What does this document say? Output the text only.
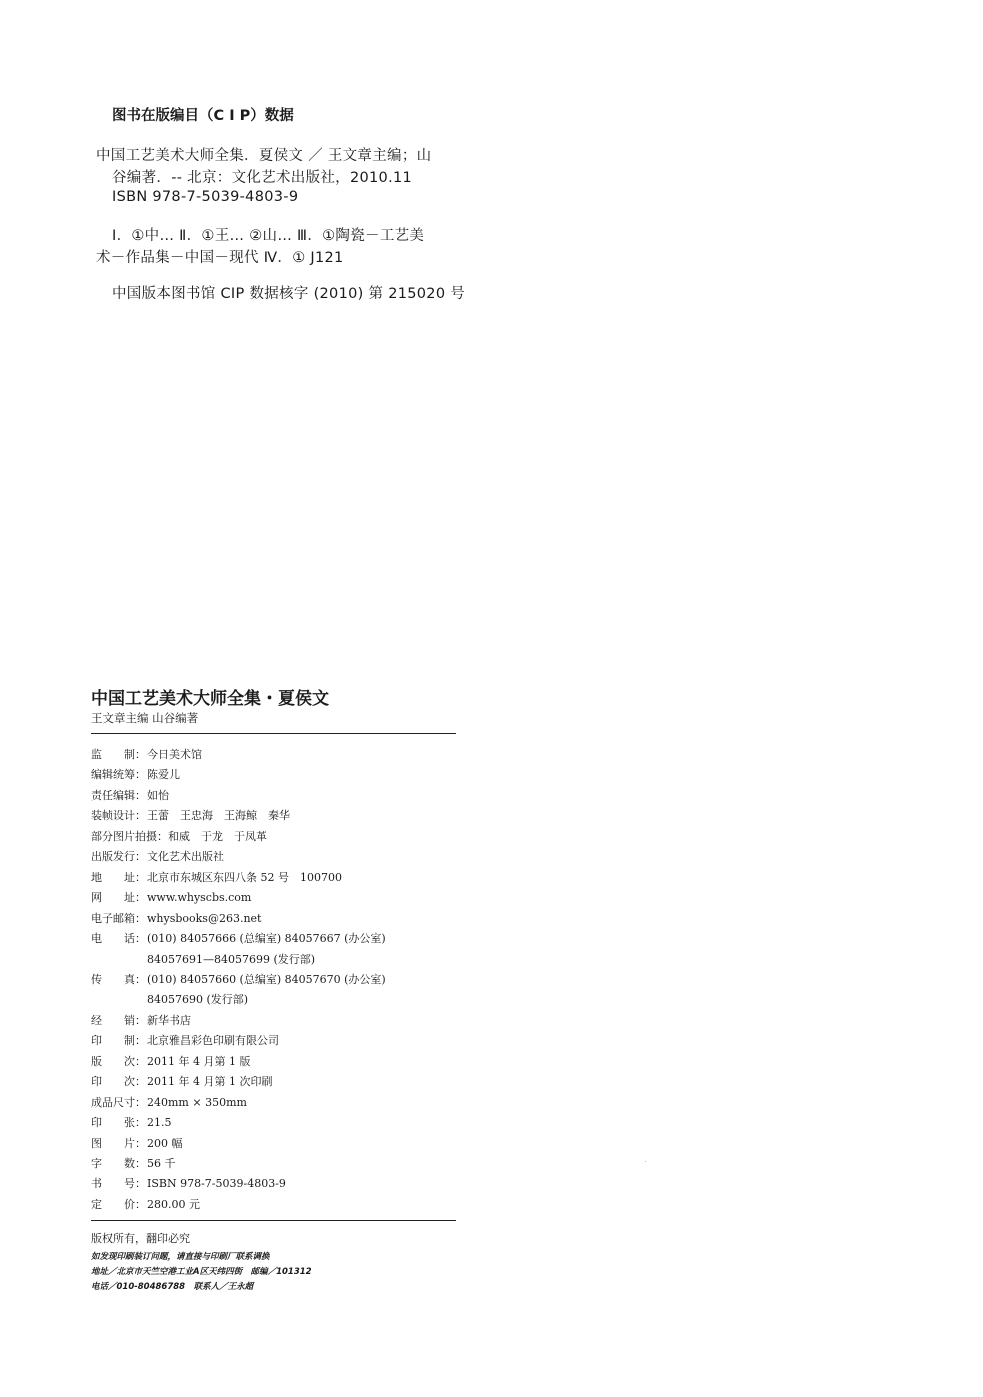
图书在版编目（C I P）数据
中国工艺美术大师全集．夏侯文 ／ 王文章主编；山
谷编著．-- 北京：文化艺术出版社，2010.11
ISBN 978-7-5039-4803-9
Ⅰ．①中… Ⅱ．①王… ②山… Ⅲ．①陶瓷－工艺美
术－作品集－中国－现代 Ⅳ．① J121
中国版本图书馆 CIP 数据核字 (2010) 第 215020 号
中国工艺美术大师全集・夏侯文
王文章主编 山谷编著
监　　制：今日美术馆
编辑统筹：陈爱儿
责任编辑：如怡
装帧设计：王蕾　王忠海　王海鲸　秦华
部分图片拍摄：和威　于龙　于凤革
出版发行：文化艺术出版社
地　　址：北京市东城区东四八条 52 号　100700
网　　址：www.whyscbs.com
电子邮箱：whysbooks@263.net
电　　话：(010) 84057666 (总编室) 84057667 (办公室)
84057691—84057699 (发行部)
传　　真：(010) 84057660 (总编室) 84057670 (办公室)
84057690 (发行部)
经　　销：新华书店
印　　制：北京雅昌彩色印刷有限公司
版　　次：2011 年 4 月第 1 版
印　　次：2011 年 4 月第 1 次印刷
成品尺寸：240mm × 350mm
印　　张：21.5
图　　片：200 幅
字　　数：56 千
书　　号：ISBN 978-7-5039-4803-9
定　　价：280.00 元
版权所有，翻印必究
如发现印刷装订问题，请直接与印刷厂联系调换
地址／北京市天竺空港工业A区天纬四街　邮编／101312
电话／010-80486788　联系人／王永超
